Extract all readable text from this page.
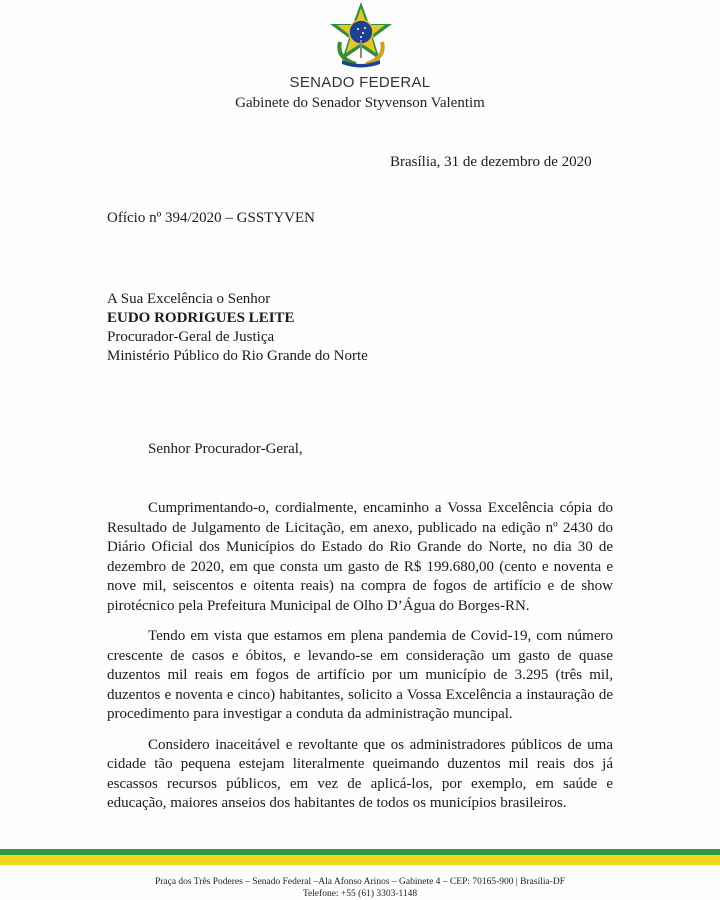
SENADO FEDERAL
Gabinete do Senador Styvenson Valentim
Brasília, 31 de dezembro de 2020
Ofício nº 394/2020 – GSSTYVEN
A Sua Excelência o Senhor
EUDO RODRIGUES LEITE
Procurador-Geral de Justiça
Ministério Público do Rio Grande do Norte
Senhor Procurador-Geral,

Cumprimentando-o, cordialmente, encaminho a Vossa Excelência cópia do Resultado de Julgamento de Licitação, em anexo, publicado na edição nº 2430 do Diário Oficial dos Municípios do Estado do Rio Grande do Norte, no dia 30 de dezembro de 2020, em que consta um gasto de R$ 199.680,00 (cento e noventa e nove mil, seiscentos e oitenta reais) na compra de fogos de artifício e de show pirotécnico pela Prefeitura Municipal de Olho D’Água do Borges-RN.

Tendo em vista que estamos em plena pandemia de Covid-19, com número crescente de casos e óbitos, e levando-se em consideração um gasto de quase duzentos mil reais em fogos de artifício por um município de 3.295 (três mil, duzentos e noventa e cinco) habitantes, solicito a Vossa Excelência a instauração de procedimento para investigar a conduta da administração muncipal.

Considero inaceitável e revoltante que os administradores públicos de uma cidade tão pequena estejam literalmente queimando duzentos mil reais dos já escassos recursos públicos, em vez de aplicá-los, por exemplo, em saúde e educação, maiores anseios dos habitantes de todos os municípios brasileiros.

Praça dos Três Poderes – Senado Federal –Ala Afonso Arinos – Gabinete 4 – CEP: 70165-900 | Brasília-DF
Telefone: +55 (61) 3303-1148
